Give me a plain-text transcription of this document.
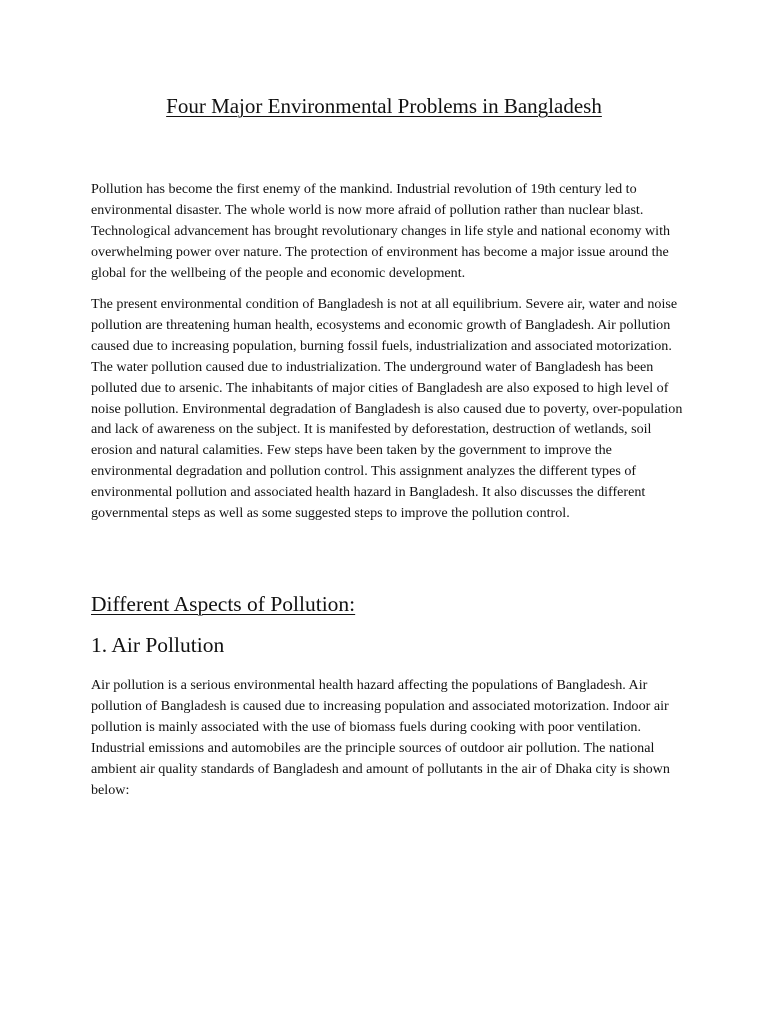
Four Major Environmental Problems in Bangladesh

Pollution has become the first enemy of the mankind. Industrial revolution of 19th century led to environmental disaster. The whole world is now more afraid of pollution rather than nuclear blast. Technological advancement has brought revolutionary changes in life style and national economy with overwhelming power over nature. The protection of environment has become a major issue around the global for the wellbeing of the people and economic development.

The present environmental condition of Bangladesh is not at all equilibrium. Severe air, water and noise pollution are threatening human health, ecosystems and economic growth of Bangladesh. Air pollution caused due to increasing population, burning fossil fuels, industrialization and associated motorization. The water pollution caused due to industrialization. The underground water of Bangladesh has been polluted due to arsenic. The inhabitants of major cities of Bangladesh are also exposed to high level of noise pollution. Environmental degradation of Bangladesh is also caused due to poverty, over-population and lack of awareness on the subject. It is manifested by deforestation, destruction of wetlands, soil erosion and natural calamities. Few steps have been taken by the government to improve the environmental degradation and pollution control. This assignment analyzes the different types of environmental pollution and associated health hazard in Bangladesh. It also discusses the different governmental steps as well as some suggested steps to improve the pollution control.

Different Aspects of Pollution:
1. Air Pollution

Air pollution is a serious environmental health hazard affecting the populations of Bangladesh. Air pollution of Bangladesh is caused due to increasing population and associated motorization. Indoor air pollution is mainly associated with the use of biomass fuels during cooking with poor ventilation. Industrial emissions and automobiles are the principle sources of outdoor air pollution. The national ambient air quality standards of Bangladesh and amount of pollutants in the air of Dhaka city is shown below:
